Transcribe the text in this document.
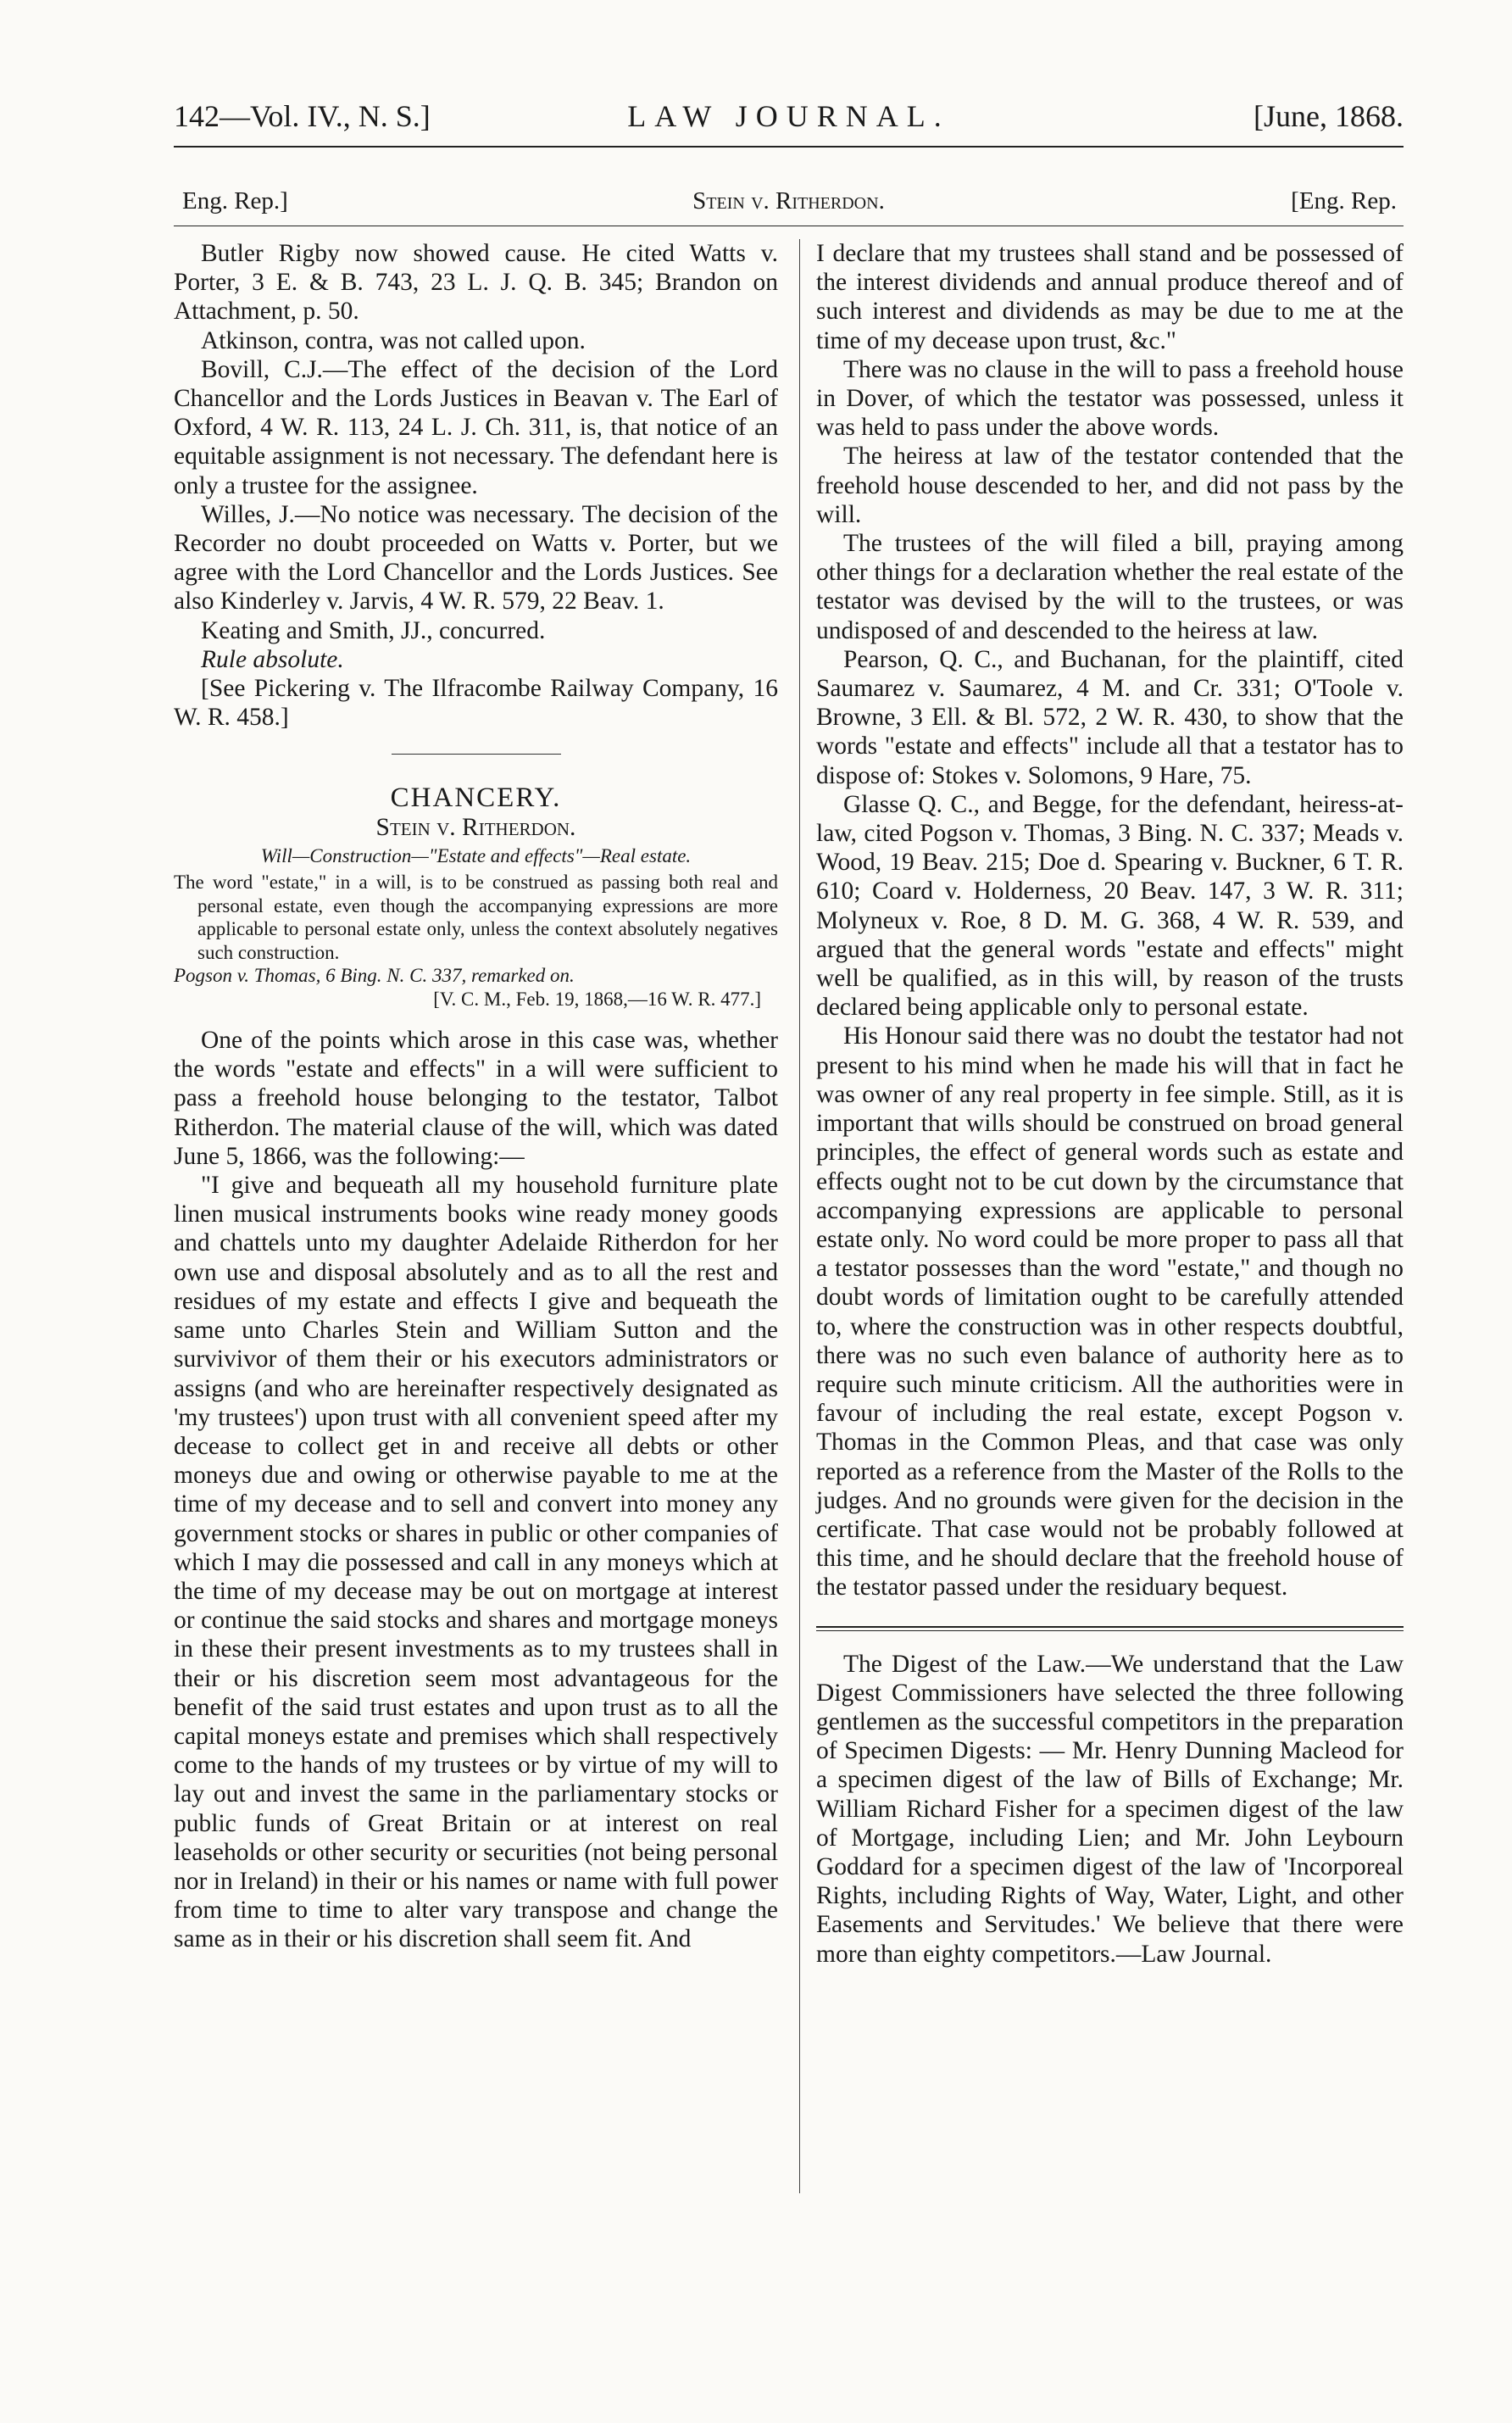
142—Vol. IV., N. S.]	LAW JOURNAL.	[June, 1868.
Eng. Rep.]	Stein v. Ritherdon.	[Eng. Rep.

Butler Rigby now showed cause. He cited Watts v. Porter, 3 E. & B. 743, 23 L. J. Q. B. 345; Brandon on Attachment, p. 50.

Atkinson, contra, was not called upon.

Bovill, C.J.—The effect of the decision of the Lord Chancellor and the Lords Justices in Beavan v. The Earl of Oxford, 4 W. R. 113, 24 L. J. Ch. 311, is, that notice of an equitable assignment is not necessary. The defendant here is only a trustee for the assignee.

Willes, J.—No notice was necessary. The decision of the Recorder no doubt proceeded on Watts v. Porter, but we agree with the Lord Chancellor and the Lords Justices. See also Kinderley v. Jarvis, 4 W. R. 579, 22 Beav. 1.

Keating and Smith, JJ., concurred.

Rule absolute.

[See Pickering v. The Ilfracombe Railway Company, 16 W. R. 458.]

CHANCERY.

Stein v. Ritherdon.

Will—Construction—"Estate and effects"—Real estate.

The word "estate," in a will, is to be construed as passing both real and personal estate, even though the accompanying expressions are more applicable to personal estate only, unless the context absolutely negatives such construction.

Pogson v. Thomas, 6 Bing. N. C. 337, remarked on.

[V. C. M., Feb. 19, 1868,—16 W. R. 477.]

One of the points which arose in this case was, whether the words "estate and effects" in a will were sufficient to pass a freehold house belonging to the testator, Talbot Ritherdon. The material clause of the will, which was dated June 5, 1866, was the following:—

"I give and bequeath all my household furniture plate linen musical instruments books wine ready money goods and chattels unto my daughter Adelaide Ritherdon for her own use and disposal absolutely and as to all the rest and residues of my estate and effects I give and bequeath the same unto Charles Stein and William Sutton and the survivivor of them their or his executors administrators or assigns (and who are hereinafter respectively designated as 'my trustees') upon trust with all convenient speed after my decease to collect get in and receive all debts or other moneys due and owing or otherwise payable to me at the time of my decease and to sell and convert into money any government stocks or shares in public or other companies of which I may die possessed and call in any moneys which at the time of my decease may be out on mortgage at interest or continue the said stocks and shares and mortgage moneys in these their present investments as to my trustees shall in their or his discretion seem most advantageous for the benefit of the said trust estates and upon trust as to all the capital moneys estate and premises which shall respectively come to the hands of my trustees or by virtue of my will to lay out and invest the same in the parliamentary stocks or public funds of Great Britain or at interest on real leaseholds or other security or securities (not being personal nor in Ireland) in their or his names or name with full power from time to time to alter vary transpose and change the same as in their or his discretion shall seem fit. And

I declare that my trustees shall stand and be possessed of the interest dividends and annual produce thereof and of such interest and dividends as may be due to me at the time of my decease upon trust, &c."

There was no clause in the will to pass a freehold house in Dover, of which the testator was possessed, unless it was held to pass under the above words.

The heiress at law of the testator contended that the freehold house descended to her, and did not pass by the will.

The trustees of the will filed a bill, praying among other things for a declaration whether the real estate of the testator was devised by the will to the trustees, or was undisposed of and descended to the heiress at law.

Pearson, Q. C., and Buchanan, for the plaintiff, cited Saumarez v. Saumarez, 4 M. and Cr. 331; O'Toole v. Browne, 3 Ell. & Bl. 572, 2 W. R. 430, to show that the words "estate and effects" include all that a testator has to dispose of: Stokes v. Solomons, 9 Hare, 75.

Glasse Q. C., and Begge, for the defendant, heiress-at-law, cited Pogson v. Thomas, 3 Bing. N. C. 337; Meads v. Wood, 19 Beav. 215; Doe d. Spearing v. Buckner, 6 T. R. 610; Coard v. Holderness, 20 Beav. 147, 3 W. R. 311; Molyneux v. Roe, 8 D. M. G. 368, 4 W. R. 539, and argued that the general words "estate and effects" might well be qualified, as in this will, by reason of the trusts declared being applicable only to personal estate.

His Honour said there was no doubt the testator had not present to his mind when he made his will that in fact he was owner of any real property in fee simple. Still, as it is important that wills should be construed on broad general principles, the effect of general words such as estate and effects ought not to be cut down by the circumstance that accompanying expressions are applicable to personal estate only. No word could be more proper to pass all that a testator possesses than the word "estate," and though no doubt words of limitation ought to be carefully attended to, where the construction was in other respects doubtful, there was no such even balance of authority here as to require such minute criticism. All the authorities were in favour of including the real estate, except Pogson v. Thomas in the Common Pleas, and that case was only reported as a reference from the Master of the Rolls to the judges. And no grounds were given for the decision in the certificate. That case would not be probably followed at this time, and he should declare that the freehold house of the testator passed under the residuary bequest.

The Digest of the Law.—We understand that the Law Digest Commissioners have selected the three following gentlemen as the successful competitors in the preparation of Specimen Digests: — Mr. Henry Dunning Macleod for a specimen digest of the law of Bills of Exchange; Mr. William Richard Fisher for a specimen digest of the law of Mortgage, including Lien; and Mr. John Leybourn Goddard for a specimen digest of the law of 'Incorporeal Rights, including Rights of Way, Water, Light, and other Easements and Servitudes.' We believe that there were more than eighty competitors.—Law Journal.
